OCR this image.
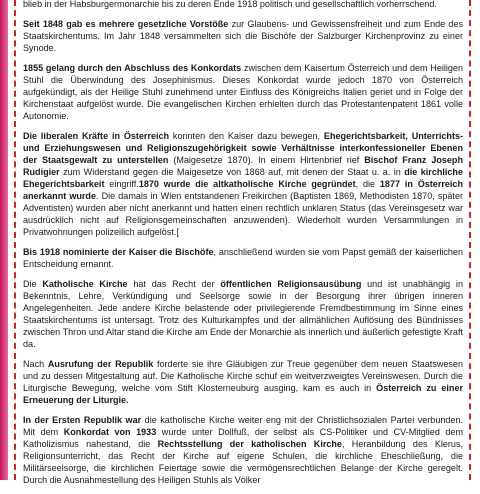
blieb in der Habsburgermonarchie bis zu deren Ende 1918 politisch und gesellschaftlich vorherrschend.

Seit 1848 gab es mehrere gesetzliche Vorstöße zur Glaubens- und Gewissensfreiheit und zum Ende des Staatskirchentums. Im Jahr 1848 versammelten sich die Bischöfe der Salzburger Kirchenprovinz zu einer Synode.

1855 gelang durch den Abschluss des Konkordats zwischen dem Kaisertum Österreich und dem Heiligen Stuhl die Überwindung des Josephinismus. Dieses Konkordat wurde jedoch 1870 von Österreich aufgekündigt, als der Heilige Stuhl zunehmend unter Einfluss des Königreichs Italien geriet und in Folge der Kirchenstaat aufgelöst wurde. Die evangelischen Kirchen erhielten durch das Protestantenpatent 1861 volle Autonomie.

Die liberalen Kräfte in Österreich konnten den Kaiser dazu bewegen, Ehegerichtsbarkeit, Unterrichts- und Erziehungswesen und Religionszugehörigkeit sowie Verhältnisse interkonfessioneller Ebenen der Staatsgewalt zu unterstellen (Maigesetze 1870). In einem Hirtenbrief rief Bischof Franz Joseph Rudigier zum Widerstand gegen die Maigesetze von 1868 auf, mit denen der Staat u. a. in die kirchliche Ehegerichtsbarkeit eingriff.1870 wurde die altkatholische Kirche gegründet, die 1877 in Österreich anerkannt wurde. Die damals in Wien entstandenen Freikirchen (Baptisten 1869, Methodisten 1870, später Adventisten) wurden aber nicht anerkannt und hatten einen rechtlich unklaren Status (das Vereinsgesetz war ausdrücklich nicht auf Religionsgemeinschaften anzuwenden). Wiederholt wurden Versammlungen in Privatwohnungen polizeilich aufgelöst.[

Bis 1918 nominierte der Kaiser die Bischöfe, anschließend wurden sie vom Papst gemäß der kaiserlichen Entscheidung ernannt.

Die Katholische Kirche hat das Recht der öffentlichen Religionsausübung und ist unabhängig in Bekenntnis, Lehre, Verkündigung und Seelsorge sowie in der Besorgung ihrer übrigen inneren Angelegenheiten. Jede andere Kirche belastende oder privilegierende Fremdbestimmung im Sinne eines Staatskirchentums ist untersagt. Trotz des Kulturkampfes und der allmählichen Auflösung des Bündnisses zwischen Thron und Altar stand die Kirche am Ende der Monarchie als innerlich und äußerlich gefestigte Kraft da.

Nach Ausrufung der Republik forderte sie ihre Gläubigen zur Treue gegenüber dem neuen Staatswesen und zu dessen Mitgestaltung auf. Die Katholische Kirche schuf ein weitverzweigtes Vereinswesen. Durch die Liturgische Bewegung, welche vom Stift Klosterneuburg ausging, kam es auch in Österreich zu einer Erneuerung der Liturgie.

In der Ersten Republik war die katholische Kirche weiter eng mit der Christlichsozialen Partei verbunden. Mit dem Konkordat von 1933 wurde unter Dollfuß, der selbst als CS-Politiker und CV-Mitglied dem Katholizismus nahestand, die Rechtsstellung der katholischen Kirche, Heranbildung des Klerus, Religionsunterricht, das Recht der Kirche auf eigene Schulen, die kirchliche Eheschließung, die Militärseelsorge, die kirchlichen Feiertage sowie die vermögensrechtlichen Belange der Kirche geregelt. Durch die Ausnahmestellung des Heiligen Stuhls als Völker
